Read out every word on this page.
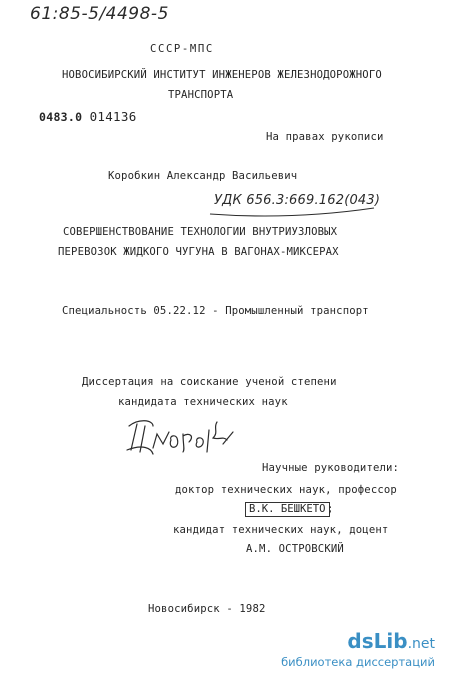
61:85-5/4498-5
СССР-МПС
НОВОСИБИРСКИЙ ИНСТИТУТ ИНЖЕНЕРОВ ЖЕЛЕЗНОДОРОЖНОГО
ТРАНСПОРТА
0483.0 014136
На правах рукописи
Коробкин Александр Васильевич
УДК 656.3:669.162(043)
СОВЕРШЕНСТВОВАНИЕ ТЕХНОЛОГИИ ВНУТРИУЗЛОВЫХ
ПЕРЕВОЗОК ЖИДКОГО ЧУГУНА В ВАГОНАХ-МИКСЕРАХ
Специальность 05.22.12 - Промышленный транспорт
Диссертация на соискание ученой степени
кандидата технических наук
Научные руководители:
доктор технических наук, профессор
В.К. БЕШКЕТО ;
кандидат технических наук, доцент
А.М. ОСТРОВСКИЙ
Новосибирск - 1982
dsLib.net
библиотека диссертаций
